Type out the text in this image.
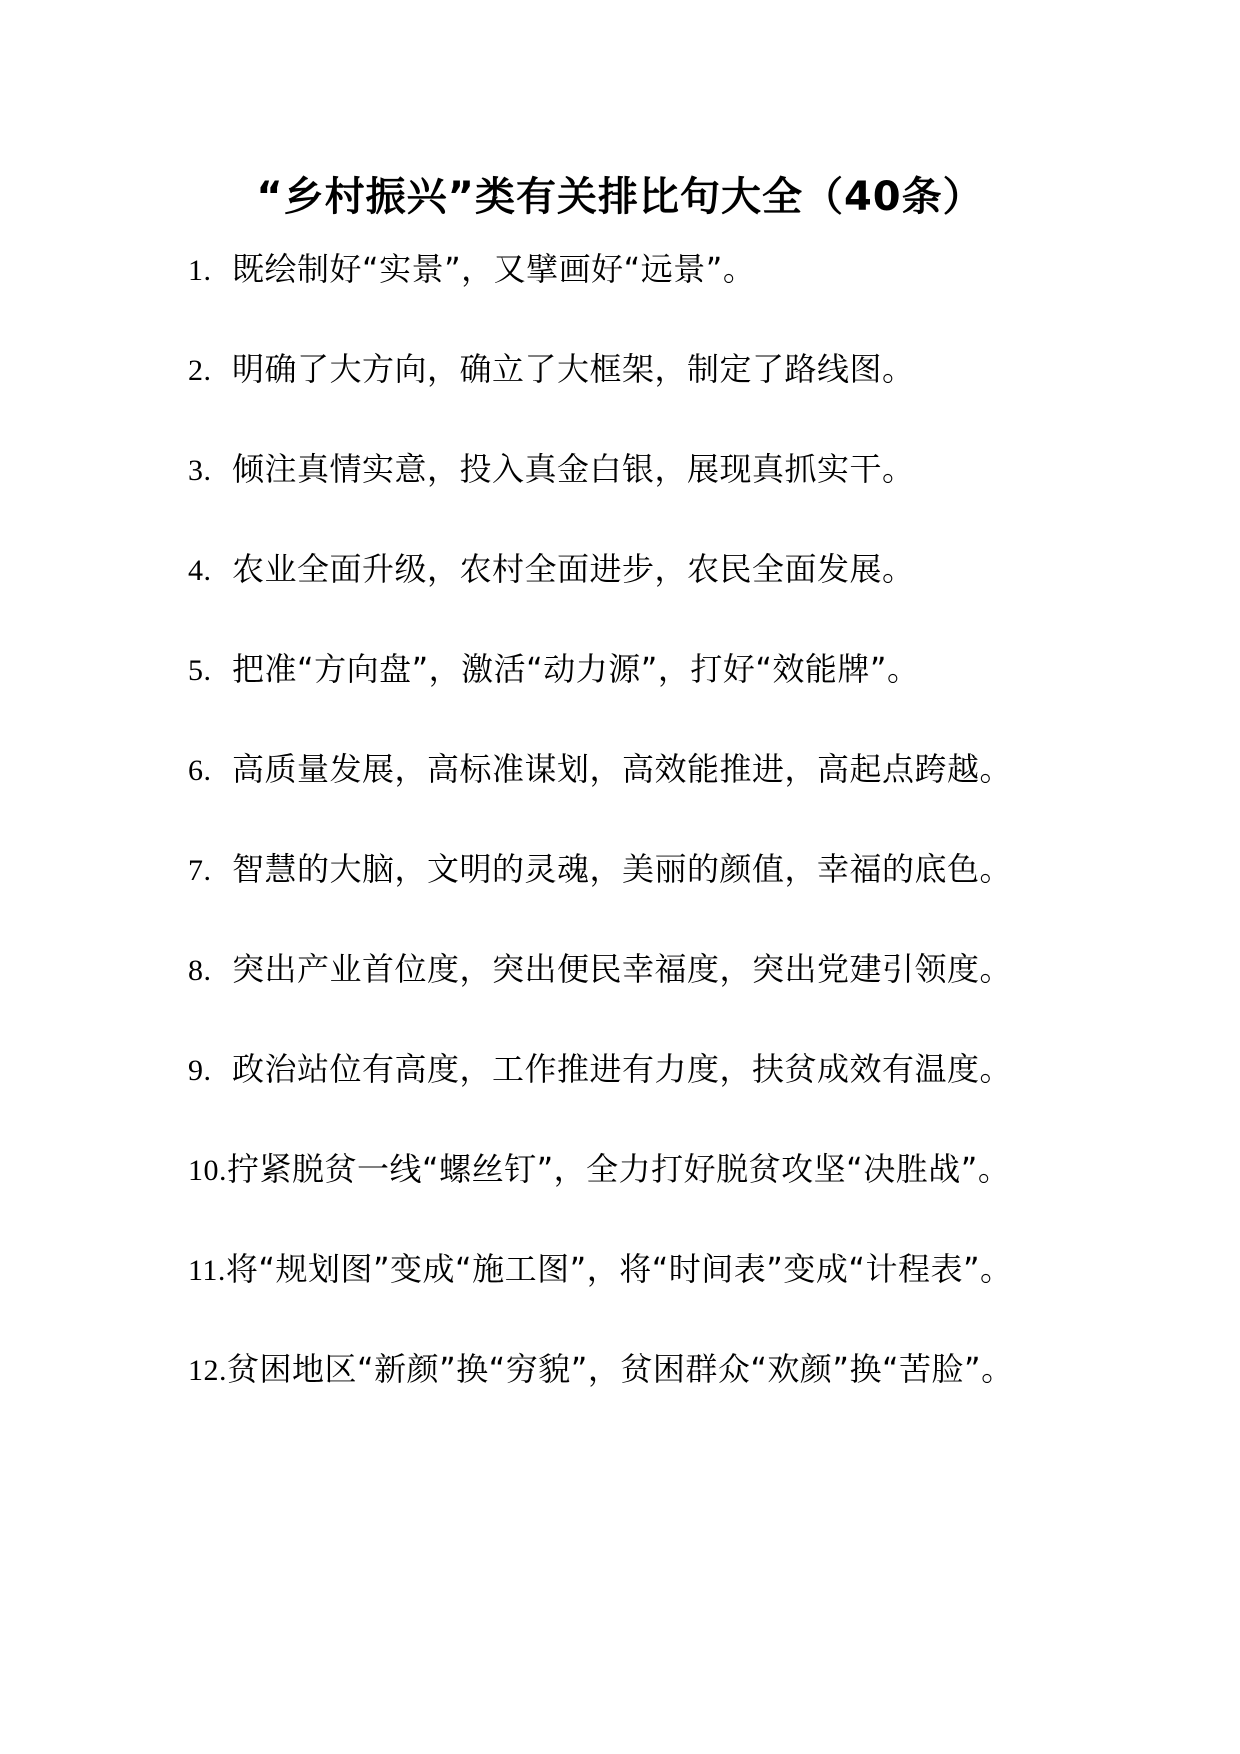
“乡村振兴”类有关排比句大全（40条）

1. 既绘制好“实景”，又擘画好“远景”。

2. 明确了大方向，确立了大框架，制定了路线图。

3. 倾注真情实意，投入真金白银，展现真抓实干。

4. 农业全面升级，农村全面进步，农民全面发展。

5. 把准“方向盘”，激活“动力源”，打好“效能牌”。

6. 高质量发展，高标准谋划，高效能推进，高起点跨越。

7. 智慧的大脑，文明的灵魂，美丽的颜值，幸福的底色。

8. 突出产业首位度，突出便民幸福度，突出党建引领度。

9. 政治站位有高度，工作推进有力度，扶贫成效有温度。

10.拧紧脱贫一线“螺丝钉”，全力打好脱贫攻坚“决胜战”。

11.将“规划图”变成“施工图”，将“时间表”变成“计程表”。

12.贫困地区“新颜”换“穷貌”，贫困群众“欢颜”换“苦脸”。
